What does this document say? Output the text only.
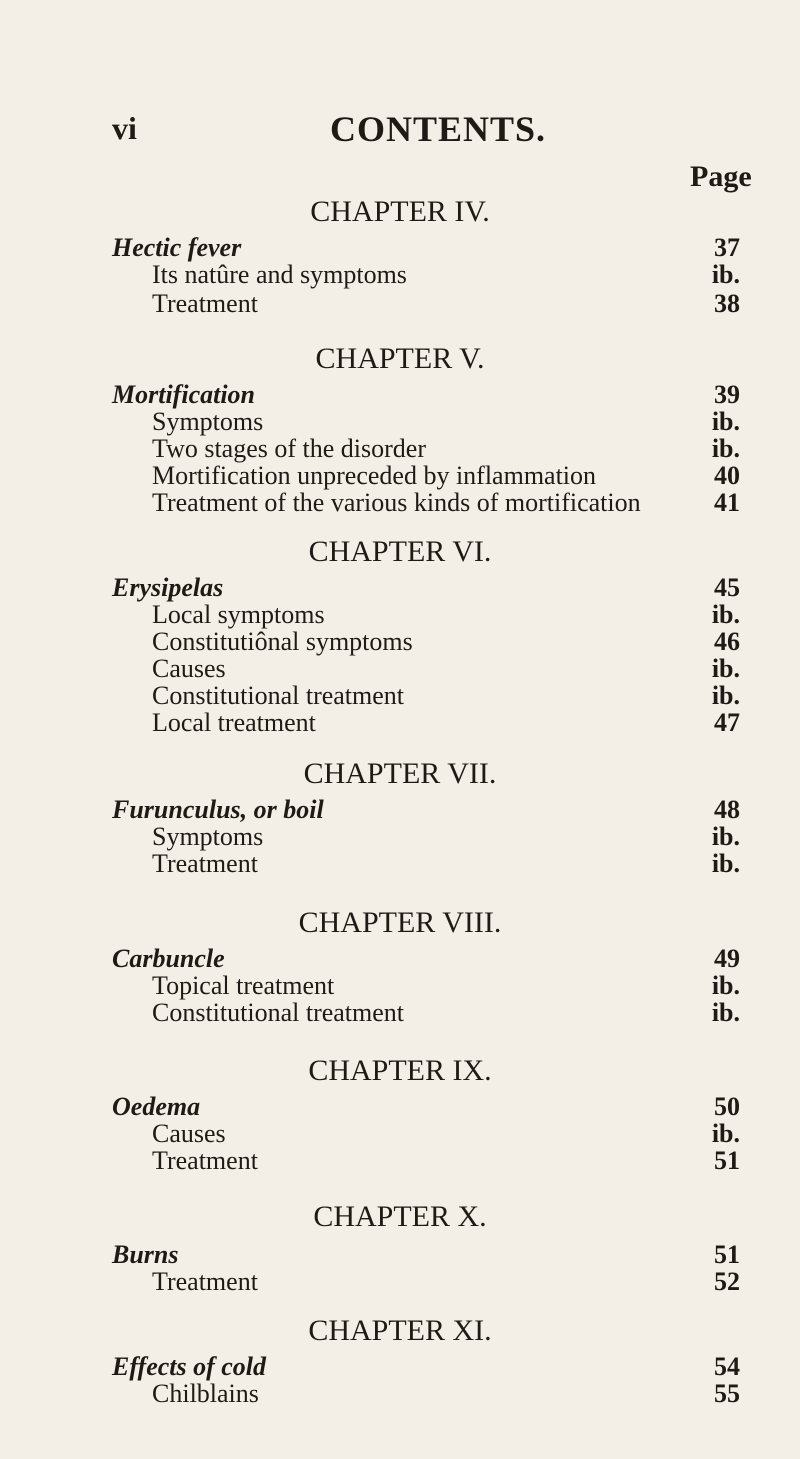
vi	CONTENTS.
Page
CHAPTER IV.
Hectic fever	37
Its natûre and symptoms	ib.
Treatment	38
CHAPTER V.
Mortification	39
Symptoms	ib.
Two stages of the disorder	ib.
Mortification unpreceded by inflammation	40
Treatment of the various kinds of mortification	41
CHAPTER VI.
Erysipelas	45
Local symptoms	ib.
Constitutiônal symptoms	46
Causes	ib.
Constitutional treatment	ib.
Local treatment	47
CHAPTER VII.
Furunculus, or boil	48
Symptoms	ib.
Treatment	ib.
CHAPTER VIII.
Carbuncle	49
Topical treatment	ib.
Constitutional treatment	ib.
CHAPTER IX.
Oedema	50
Causes	ib.
Treatment	51
CHAPTER X.
Burns	51
Treatment	52
CHAPTER XI.
Effects of cold	54
Chilblains	55
